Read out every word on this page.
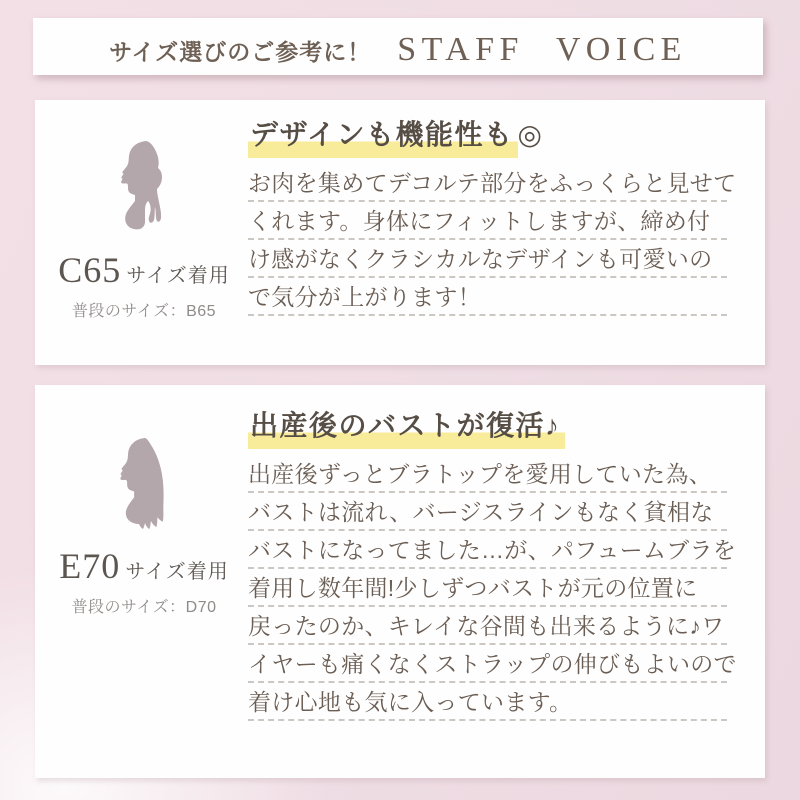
サイズ選びのご参考に！ STAFF VOICE
C65 サイズ着用
普段のサイズ：B65
デザインも機能性も ◎

お肉を集めてデコルテ部分をふっくらと見せて

くれます。身体にフィットしますが、締め付

け感がなくクラシカルなデザインも可愛いの

で気分が上がります！

E70 サイズ着用
普段のサイズ：D70
出産後のバストが復活♪

出産後ずっとブラトップを愛用していた為、

バストは流れ、バージスラインもなく貧相な

バストになってました…が、パフュームブラを

着用し数年間!少しずつバストが元の位置に

戻ったのか、キレイな谷間も出来るように♪ワ

イヤーも痛くなくストラップの伸びもよいので

着け心地も気に入っています。
